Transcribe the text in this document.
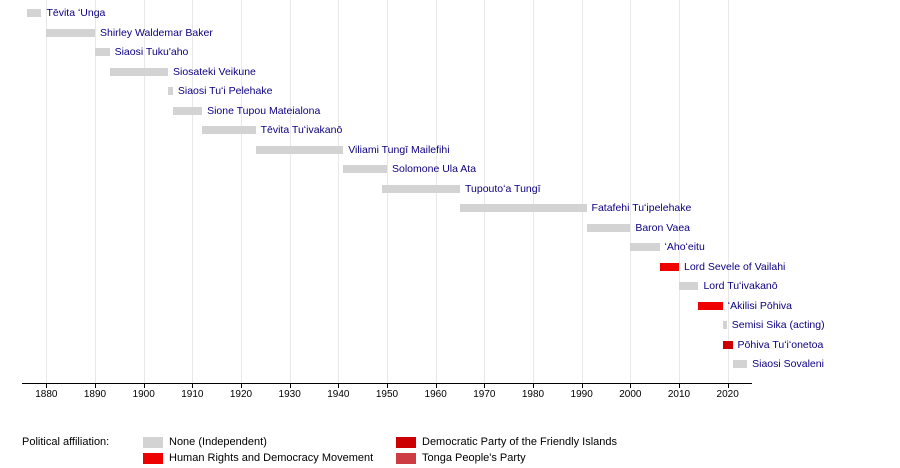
1880	1890	1900	1910	1920	1930	1940	1950	1960	1970	1980	1990	2000	2010	2020
Tēvita ʻUnga
Shirley Waldemar Baker
Siaosi Tuku'aho
Siosateki Veikune
Siaosi Tuʻi Pelehake
Sione Tupou Mateialona
Tēvita Tuʻivakanō
Viliami Tungī Mailefihi
Solomone Ula Ata
Tupoutoʻa Tungī
Fatafehi Tuʻipelehake
Baron Vaea
ʻAhoʻeitu
Lord Sevele of Vailahi
Lord Tuʻivakanō
ʻAkilisi Pōhiva
Semisi Sika (acting)
Pōhiva Tuʻiʻonetoa
Siaosi Sovaleni
Political affiliation:	None (Independent)	Democratic Party of the Friendly Islands
Human Rights and Democracy Movement	Tonga People's Party
